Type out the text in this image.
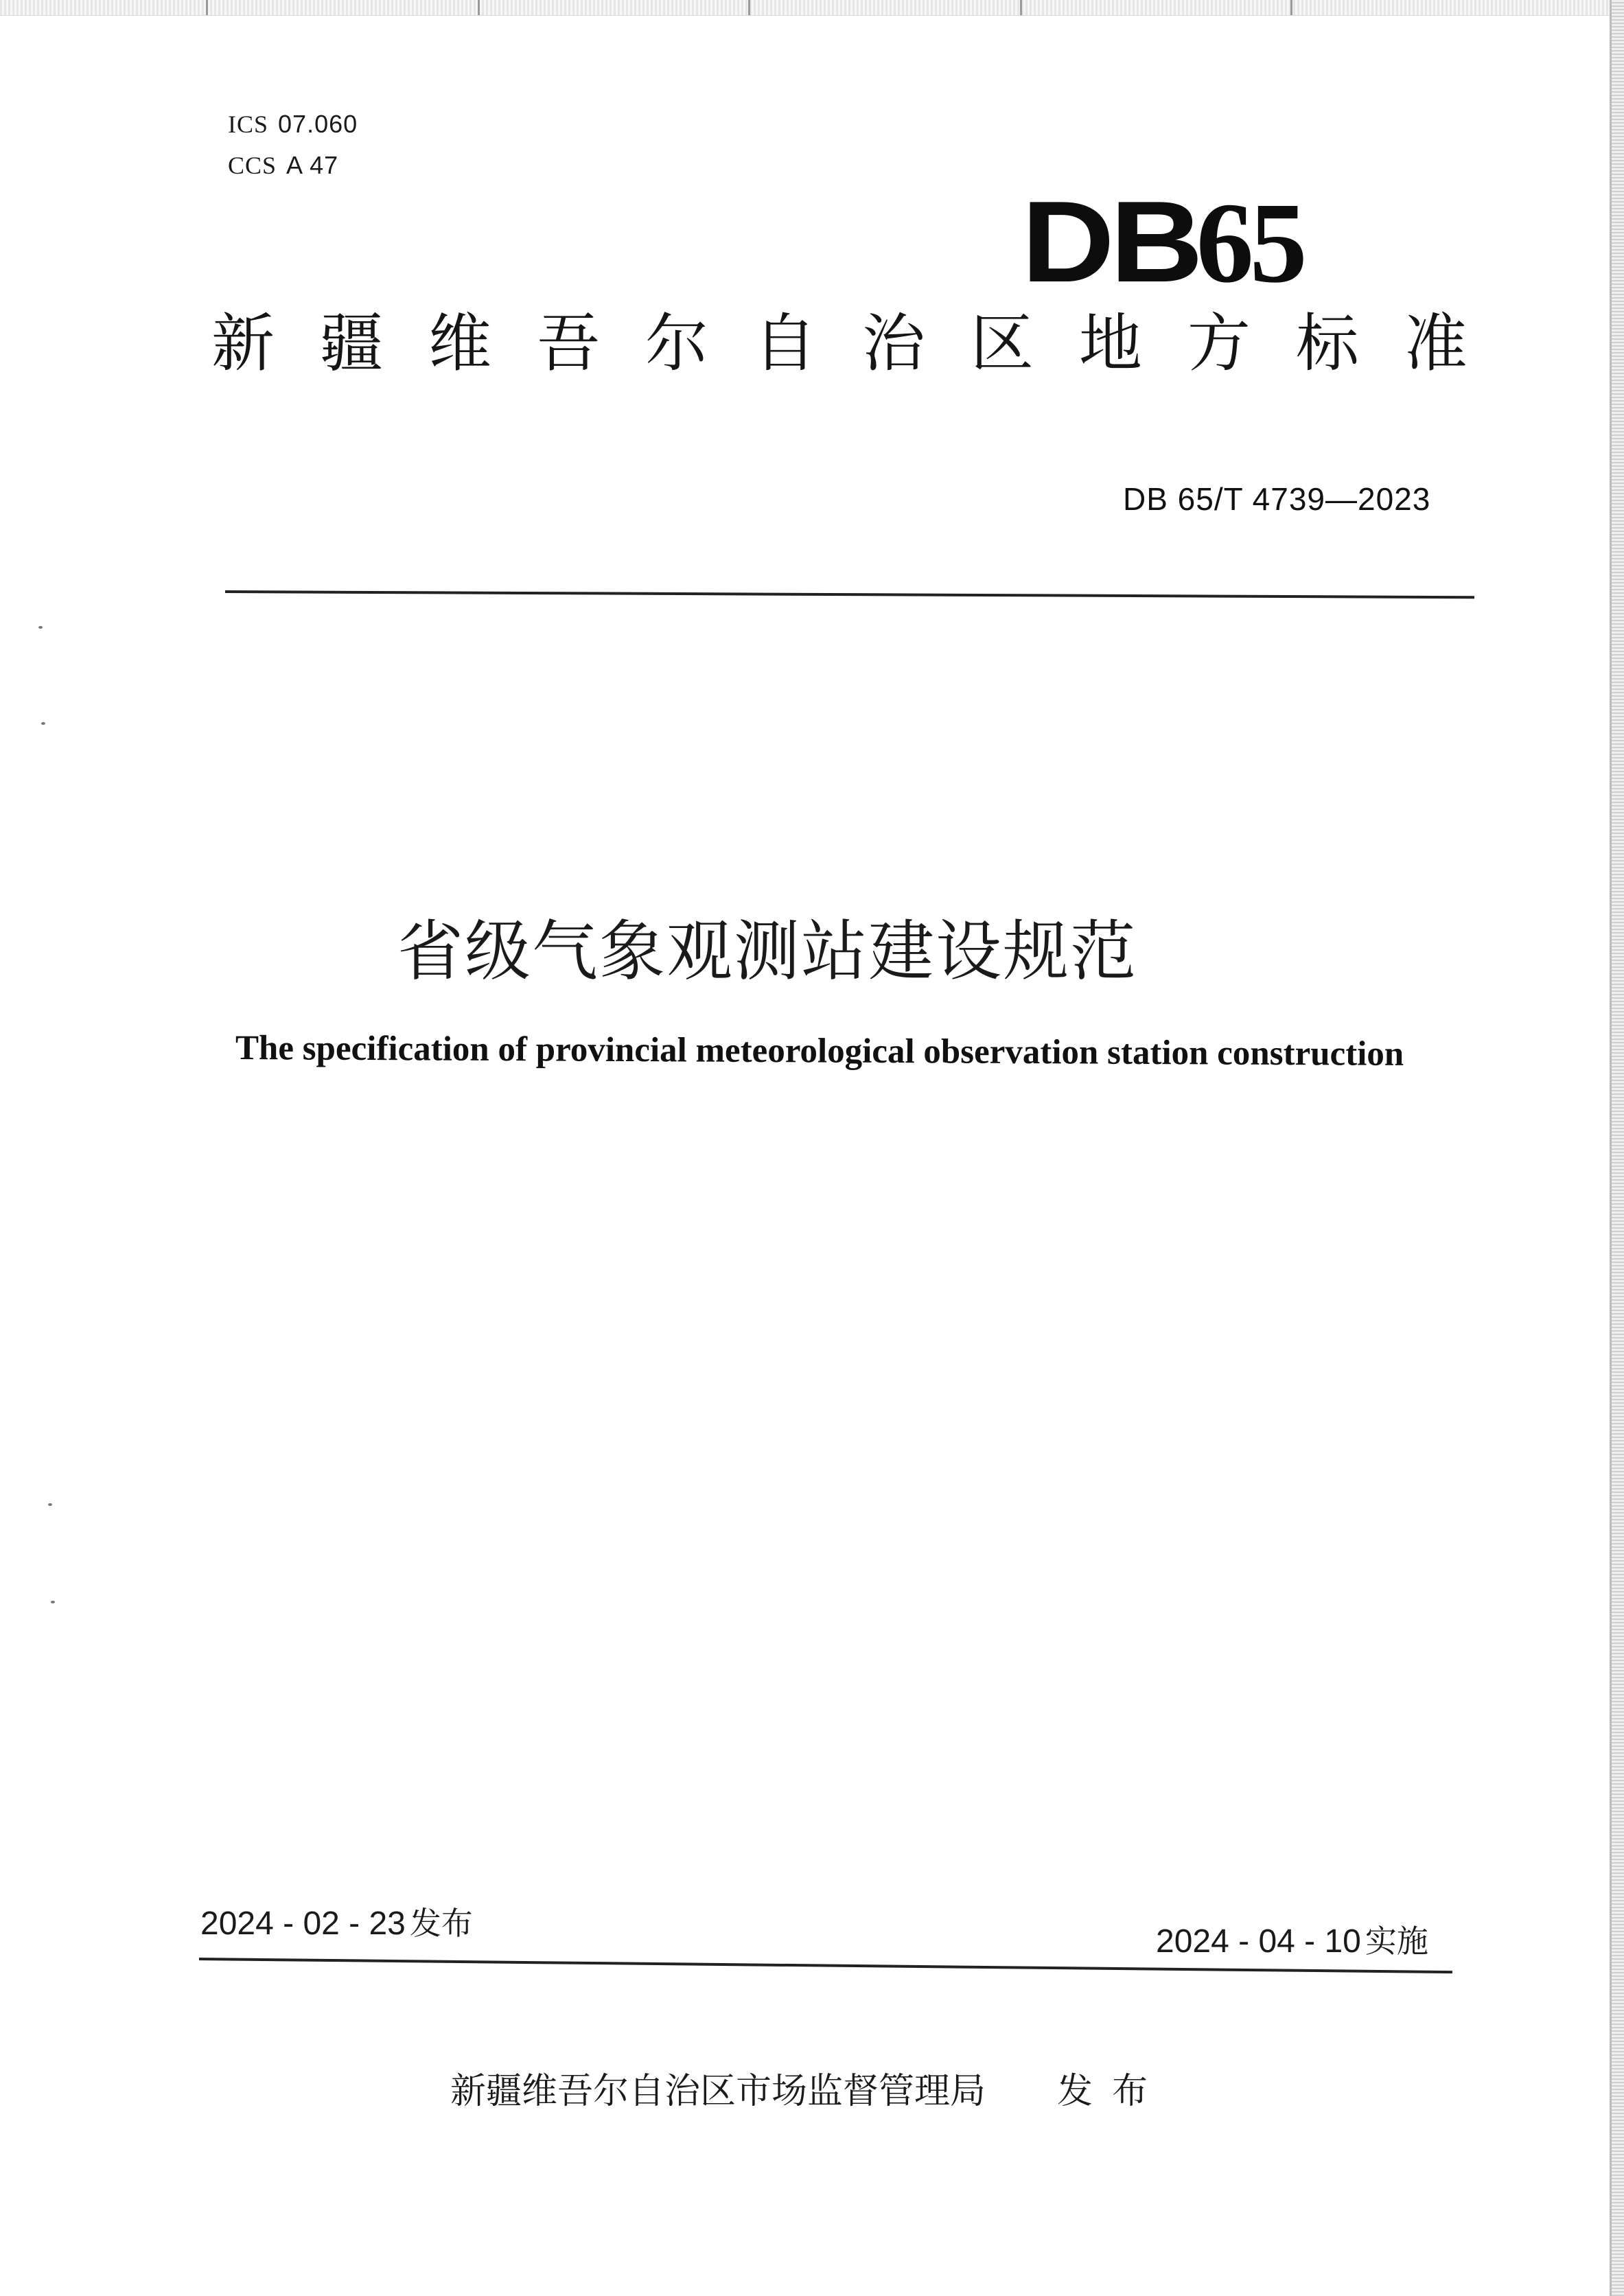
ICS 07.060
CCS A 47
DB65
新 疆 维 吾 尔 自 治 区 地 方 标 准
DB 65/T 4739—2023
省级气象观测站建设规范
The specification of provincial meteorological observation station construction
2024 - 02 - 23 发布	2024 - 04 - 10 实施
新疆维吾尔自治区市场监督管理局 发布
